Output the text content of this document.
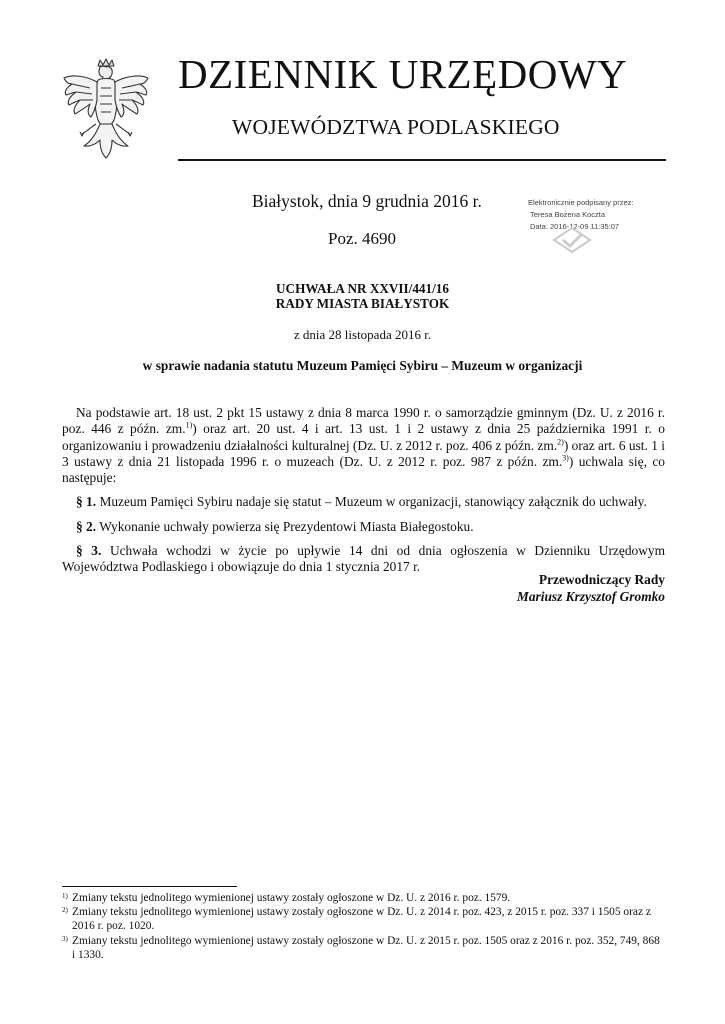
DZIENNIK URZĘDOWY
WOJEWÓDZTWA PODLASKIEGO
Białystok, dnia 9 grudnia 2016 r.
Poz. 4690
Elektronicznie podpisany przez:
Teresa Bożena Koczta
Data: 2016-12-09 11:35:07
UCHWAŁA NR XXVII/441/16
RADY MIASTA BIAŁYSTOK
z dnia 28 listopada 2016 r.
w sprawie nadania statutu Muzeum Pamięci Sybiru – Muzeum w organizacji

Na podstawie art. 18 ust. 2 pkt 15 ustawy z dnia 8 marca 1990 r. o samorządzie gminnym (Dz. U. z 2016 r. poz. 446 z późn. zm.$^{1)}$) oraz art. 20 ust. 4 i art. 13 ust. 1 i 2 ustawy z dnia 25 października 1991 r. o organizowaniu i prowadzeniu działalności kulturalnej (Dz. U. z 2012 r. poz. 406 z późn. zm.$^{2)}$) oraz art. 6 ust. 1 i 3 ustawy z dnia 21 listopada 1996 r. o muzeach (Dz. U. z 2012 r. poz. 987 z późn. zm.$^{3)}$) uchwala się, co następuje:

§ 1. Muzeum Pamięci Sybiru nadaje się statut – Muzeum w organizacji, stanowiący załącznik do uchwały.

§ 2. Wykonanie uchwały powierza się Prezydentowi Miasta Białegostoku.

§ 3. Uchwała wchodzi w życie po upływie 14 dni od dnia ogłoszenia w Dzienniku Urzędowym Województwa Podlaskiego i obowiązuje do dnia 1 stycznia 2017 r.

Przewodniczący Rady
Mariusz Krzysztof Gromko
1) Zmiany tekstu jednolitego wymienionej ustawy zostały ogłoszone w Dz. U. z 2016 r. poz. 1579.
2) Zmiany tekstu jednolitego wymienionej ustawy zostały ogłoszone w Dz. U. z 2014 r. poz. 423, z 2015 r. poz. 337 i 1505 oraz z 2016 r. poz. 1020.
3) Zmiany tekstu jednolitego wymienionej ustawy zostały ogłoszone w Dz. U. z 2015 r. poz. 1505 oraz z 2016 r. poz. 352, 749, 868 i 1330.
